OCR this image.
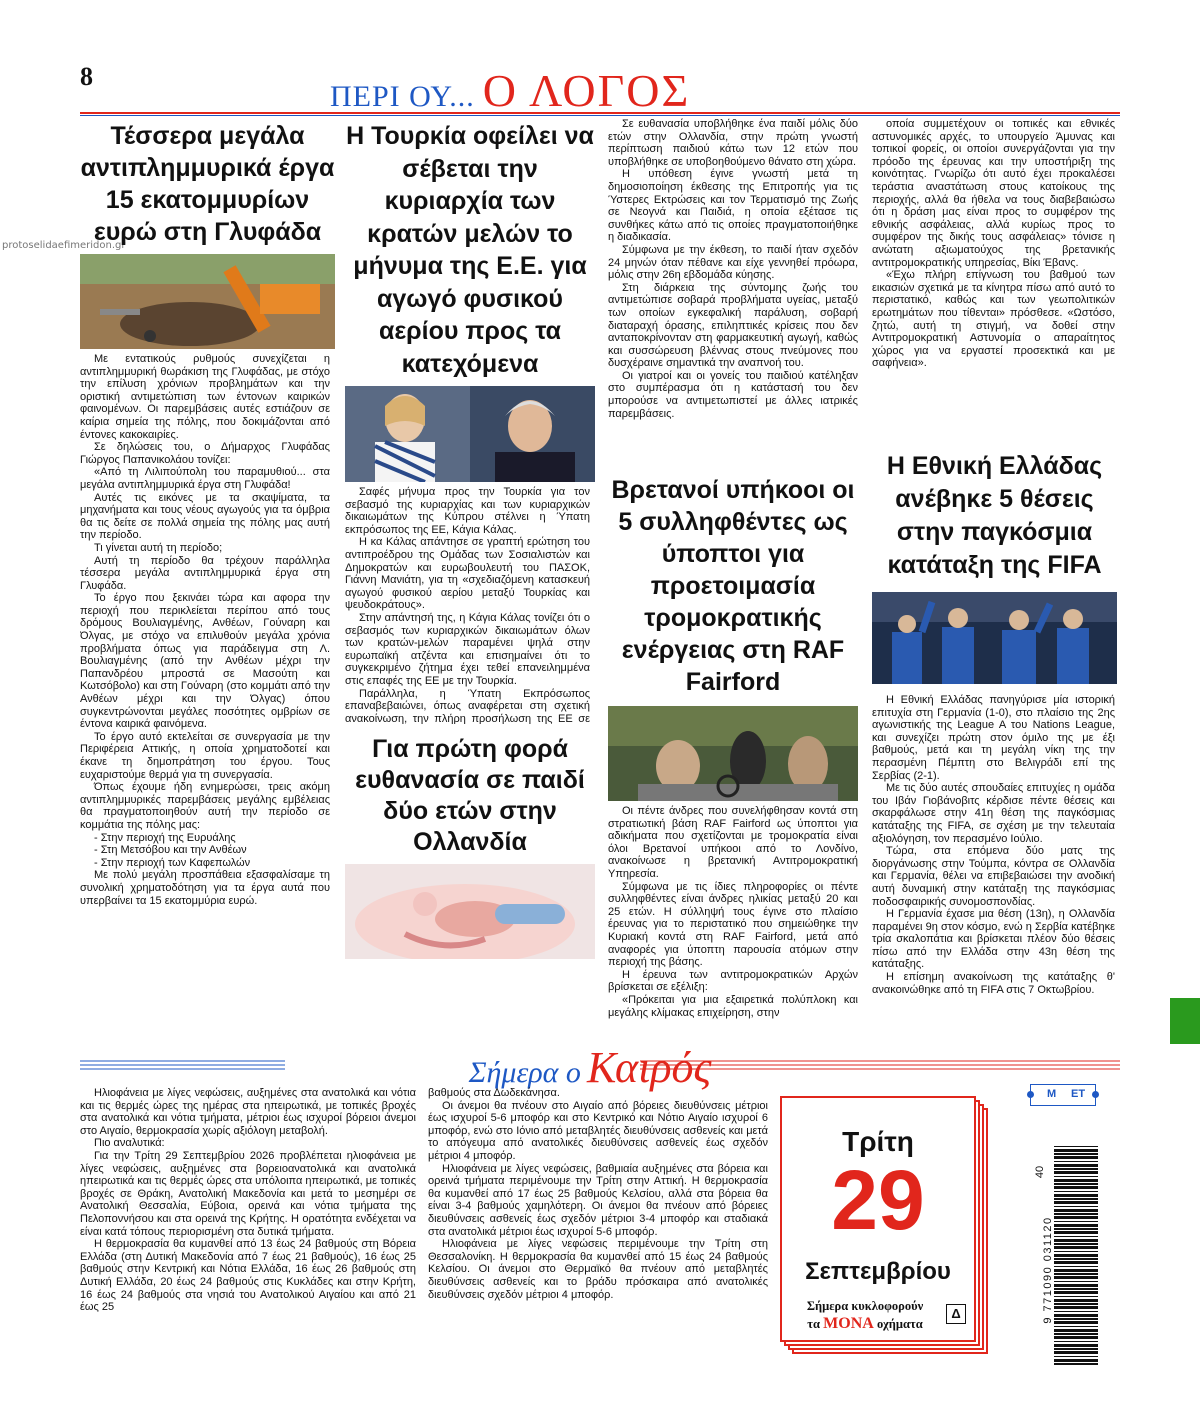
8
ΠΕΡΙ ΟΥ... Ο ΛΟΓΟΣ
protoselidaefimeridon.gr
Τέσσερα μεγάλα αντιπλημμυρικά έργα 15 εκατομμυρίων ευρώ στη Γλυφάδα

Με εντατικούς ρυθμούς συνεχίζεται η αντιπλημμυρική θωράκιση της Γλυφάδας, με στόχο την επίλυση χρόνιων προβλημάτων και την οριστική αντιμετώπιση των έντονων καιρικών φαινομένων. Οι παρεμβάσεις αυτές εστιάζουν σε καίρια σημεία της πόλης, που δοκιμάζονται από έντονες κακοκαιρίες.

Σε δηλώσεις του, ο Δήμαρχος Γλυφάδας Γιώργος Παπανικολάου τονίζει:

«Από τη Λιλιπούπολη του παραμυθιού... στα μεγάλα αντιπλημμυρικά έργα στη Γλυφάδα!

Αυτές τις εικόνες με τα σκαψίματα, τα μηχανήματα και τους νέους αγωγούς για τα όμβρια θα τις δείτε σε πολλά σημεία της πόλης μας αυτή την περίοδο.

Τι γίνεται αυτή τη περίοδο;

Αυτή τη περίοδο θα τρέχουν παράλληλα τέσσερα μεγάλα αντιπλημμυρικά έργα στη Γλυφάδα.

Το έργο που ξεκινάει τώρα και αφορα την περιοχή που περικλείεται περίπου από τους δρόμους Βουλιαγμένης, Ανθέων, Γούναρη και Όλγας, με στόχο να επιλυθούν μεγάλα χρόνια προβλήματα όπως για παράδειγμα στη Λ. Βουλιαγμένης (από την Ανθέων μέχρι την Παπανδρέου μπροστά σε Μασούτη και Κωτσόβολο) και στη Γούναρη (στο κομμάτι από την Ανθέων μέχρι και την Όλγας) όπου συγκεντρώνονται μεγάλες ποσότητες ομβρίων σε έντονα καιρικά φαινόμενα.

Το έργο αυτό εκτελείται σε συνεργασία με την Περιφέρεια Αττικής, η οποία χρηματοδοτεί και έκανε τη δημοπράτηση του έργου. Τους ευχαριστούμε θερμά για τη συνεργασία.

Όπως έχουμε ήδη ενημερώσει, τρεις ακόμη αντιπλημμυρικές παρεμβάσεις μεγάλης εμβέλειας θα πραγματοποιηθούν αυτή την περίοδο σε κομμάτια της πόλης μας:

- Στην περιοχή της Ευρυάλης

- Στη Μετσόβου και την Ανθέων

- Στην περιοχή των Καφεπωλών

Με πολύ μεγάλη προσπάθεια εξασφαλίσαμε τη συνολική χρηματοδότηση για τα έργα αυτά που υπερβαίνει τα 15 εκατομμύρια ευρώ.

Η Τουρκία οφείλει να σέβεται την κυριαρχία των κρατών μελών το μήνυμα της Ε.Ε. για αγωγό φυσικού αερίου προς τα κατεχόμενα

Σαφές μήνυμα προς την Τουρκία για τον σεβασμό της κυριαρχίας και των κυριαρχικών δικαιωμάτων της Κύπρου στέλνει η Ύπατη εκπρόσωπος της ΕΕ, Κάγια Κάλας.

Η κα Κάλας απάντησε σε γραπτή ερώτηση του αντιπροέδρου της Ομάδας των Σοσιαλιστών και Δημοκρατών και ευρωβουλευτή του ΠΑΣΟΚ, Γιάννη Μανιάτη, για τη «σχεδιαζόμενη κατασκευή αγωγού φυσικού αερίου μεταξύ Τουρκίας και ψευδοκράτους».

Στην απάντησή της, η Κάγια Κάλας τονίζει ότι ο σεβασμός των κυριαρχικών δικαιωμάτων όλων των κρατών-μελών παραμένει ψηλά στην ευρωπαϊκή ατζέντα και επισημαίνει ότι το συγκεκριμένο ζήτημα έχει τεθεί επανειλημμένα στις επαφές της ΕΕ με την Τουρκία.

Παράλληλα, η Ύπατη Εκπρόσωπος επαναβεβαιώνει, όπως αναφέρεται στη σχετική ανακοίνωση, την πλήρη προσήλωση της ΕΕ σε

Για πρώτη φορά ευθανασία σε παιδί δύο ετών στην Ολλανδία

Σε ευθανασία υποβλήθηκε ένα παιδί μόλις δύο ετών στην Ολλανδία, στην πρώτη γνωστή περίπτωση παιδιού κάτω των 12 ετών που υποβλήθηκε σε υποβοηθούμενο θάνατο στη χώρα.

Η υπόθεση έγινε γνωστή μετά τη δημοσιοποίηση έκθεσης της Επιτροπής για τις Ύστερες Εκτρώσεις και τον Τερματισμό της Ζωής σε Νεογνά και Παιδιά, η οποία εξέτασε τις συνθήκες κάτω από τις οποίες πραγματοποιήθηκε η διαδικασία.

Σύμφωνα με την έκθεση, το παιδί ήταν σχεδόν 24 μηνών όταν πέθανε και είχε γεννηθεί πρόωρα, μόλις στην 26η εβδομάδα κύησης.

Στη διάρκεια της σύντομης ζωής του αντιμετώπισε σοβαρά προβλήματα υγείας, μεταξύ των οποίων εγκεφαλική παράλυση, σοβαρή διαταραχή όρασης, επιληπτικές κρίσεις που δεν ανταποκρίνονταν στη φαρμακευτική αγωγή, καθώς και συσσώρευση βλέννας στους πνεύμονες που δυσχέραινε σημαντικά την αναπνοή του.

Οι γιατροί και οι γονείς του παιδιού κατέληξαν στο συμπέρασμα ότι η κατάστασή του δεν μπορούσε να αντιμετωπιστεί με άλλες ιατρικές παρεμβάσεις.

Βρετανοί υπήκοοι οι 5 συλληφθέντες ως ύποπτοι για προετοιμασία τρομοκρατικής ενέργειας στη RAF Fairford

Οι πέντε άνδρες που συνελήφθησαν κοντά στη στρατιωτική βάση RAF Fairford ως ύποπτοι για αδικήματα που σχετίζονται με τρομοκρατία είναι όλοι Βρετανοί υπήκοοι από το Λονδίνο, ανακοίνωσε η βρετανική Αντιτρομοκρατική Υπηρεσία.

Σύμφωνα με τις ίδιες πληροφορίες οι πέντε συλληφθέντες είναι άνδρες ηλικίας μεταξύ 20 και 25 ετών. Η σύλληψή τους έγινε στο πλαίσιο έρευνας για το περιστατικό που σημειώθηκε την Κυριακή κοντά στη RAF Fairford, μετά από αναφορές για ύποπτη παρουσία ατόμων στην περιοχή της βάσης.

Η έρευνα των αντιτρομοκρατικών Αρχών βρίσκεται σε εξέλιξη:

«Πρόκειται για μια εξαιρετικά πολύπλοκη και μεγάλης κλίμακας επιχείρηση, στην

οποία συμμετέχουν οι τοπικές και εθνικές αστυνομικές αρχές, το υπουργείο Άμυνας και τοπικοί φορείς, οι οποίοι συνεργάζονται για την πρόοδο της έρευνας και την υποστήριξη της κοινότητας. Γνωρίζω ότι αυτό έχει προκαλέσει τεράστια αναστάτωση στους κατοίκους της περιοχής, αλλά θα ήθελα να τους διαβεβαιώσω ότι η δράση μας είναι προς το συμφέρον της εθνικής ασφάλειας, αλλά κυρίως προς το συμφέρον της δικής τους ασφάλειας» τόνισε η ανώτατη αξιωματούχος της βρετανικής αντιτρομοκρατικής υπηρεσίας, Βίκι Έβανς.

«Έχω πλήρη επίγνωση του βαθμού των εικασιών σχετικά με τα κίνητρα πίσω από αυτό το περιστατικό, καθώς και των γεωπολιτικών ερωτημάτων που τίθενται» πρόσθεσε. «Ωστόσο, ζητώ, αυτή τη στιγμή, να δοθεί στην Αντιτρομοκρατική Αστυνομία ο απαραίτητος χώρος για να εργαστεί προσεκτικά και με σαφήνεια».

Η Εθνική Ελλάδας ανέβηκε 5 θέσεις στην παγκόσμια κατάταξη της FIFA

Η Εθνική Ελλάδας πανηγύρισε μία ιστορική επιτυχία στη Γερμανία (1-0), στο πλαίσιο της 2ης αγωνιστικής της League A του Nations League, και συνεχίζει πρώτη στον όμιλο της με έξι βαθμούς, μετά και τη μεγάλη νίκη της την περασμένη Πέμπτη στο Βελιγράδι επί της Σερβίας (2-1).

Με τις δύο αυτές σπουδαίες επιτυχίες η ομάδα του Ιβάν Γιοβάνοβιτς κέρδισε πέντε θέσεις και σκαρφάλωσε στην 41η θέση της παγκόσμιας κατάταξης της FIFA, σε σχέση με την τελευταία αξιολόγηση, τον περασμένο Ιούλιο.

Τώρα, στα επόμενα δύο ματς της διοργάνωσης στην Τούμπα, κόντρα σε Ολλανδία και Γερμανία, θέλει να επιβεβαιώσει την ανοδική αυτή δυναμική στην κατάταξη της παγκόσμιας ποδοσφαιρικής συνομοσπονδίας.

Η Γερμανία έχασε μια θέση (13η), η Ολλανδία παραμένει 9η στον κόσμο, ενώ η Σερβία κατέβηκε τρία σκαλοπάτια και βρίσκεται πλέον δύο θέσεις πίσω από την Ελλάδα στην 43η θέση της κατάταξης.

Η επίσημη ανακοίνωση της κατάταξης θ' ανακοινώθηκε από τη FIFA στις 7 Οκτωβρίου.

Σήμερα ο Καιρός

Ηλιοφάνεια με λίγες νεφώσεις, αυξημένες στα ανατολικά και νότια και τις θερμές ώρες της ημέρας στα ηπειρωτικά, με τοπικές βροχές στα ανατολικά και νότια τμήματα, μέτριοι έως ισχυροί βόρειοι άνεμοι στο Αιγαίο, θερμοκρασία χωρίς αξιόλογη μεταβολή.

Πιο αναλυτικά:

Για την Τρίτη 29 Σεπτεμβρίου 2026 προβλέπεται ηλιοφάνεια με λίγες νεφώσεις, αυξημένες στα βορειοανατολικά και ανατολικά ηπειρωτικά και τις θερμές ώρες στα υπόλοιπα ηπειρωτικά, με τοπικές βροχές σε Θράκη, Ανατολική Μακεδονία και μετά το μεσημέρι σε Ανατολική Θεσσαλία, Εύβοια, ορεινά και νότια τμήματα της Πελοποννήσου και στα ορεινά της Κρήτης. Η ορατότητα ενδέχεται να είναι κατά τόπους περιορισμένη στα δυτικά τμήματα.

Η θερμοκρασία θα κυμανθεί από 13 έως 24 βαθμούς στη Βόρεια Ελλάδα (στη Δυτική Μακεδονία από 7 έως 21 βαθμούς), 16 έως 25 βαθμούς στην Κεντρική και Νότια Ελλάδα, 16 έως 26 βαθμούς στη Δυτική Ελλάδα, 20 έως 24 βαθμούς στις Κυκλάδες και στην Κρήτη, 16 έως 24 βαθμούς στα νησιά του Ανατολικού Αιγαίου και από 21 έως 25

βαθμούς στα Δωδεκάνησα.

Οι άνεμοι θα πνέουν στο Αιγαίο από βόρειες διευθύνσεις μέτριοι έως ισχυροί 5-6 μποφόρ και στο Κεντρικό και Νότιο Αιγαίο ισχυροί 6 μποφόρ, ενώ στο Ιόνιο από μεταβλητές διευθύνσεις ασθενείς και μετά το απόγευμα από ανατολικές διευθύνσεις ασθενείς έως σχεδόν μέτριοι 4 μποφόρ.

Ηλιοφάνεια με λίγες νεφώσεις, βαθμιαία αυξημένες στα βόρεια και ορεινά τμήματα περιμένουμε την Τρίτη στην Αττική. Η θερμοκρασία θα κυμανθεί από 17 έως 25 βαθμούς Κελσίου, αλλά στα βόρεια θα είναι 3-4 βαθμούς χαμηλότερη. Οι άνεμοι θα πνέουν από βόρειες διευθύνσεις ασθενείς έως σχεδόν μέτριοι 3-4 μποφόρ και σταδιακά στα ανατολικά μέτριοι έως ισχυροί 5-6 μποφόρ.

Ηλιοφάνεια με λίγες νεφώσεις περιμένουμε την Τρίτη στη Θεσσαλονίκη. Η θερμοκρασία θα κυμανθεί από 15 έως 24 βαθμούς Κελσίου. Οι άνεμοι στο Θερμαϊκό θα πνέουν από μεταβλητές διευθύνσεις ασθενείς και το βράδυ πρόσκαιρα από ανατολικές διευθύνσεις σχεδόν μέτριοι 4 μποφόρ.

Τρίτη
29
Σεπτεμβρίου
Σήμερα κυκλοφορούν
τα ΜΟΝΑ οχήματα
Δ
Μ ΕΤ
9 771090 031120
40
